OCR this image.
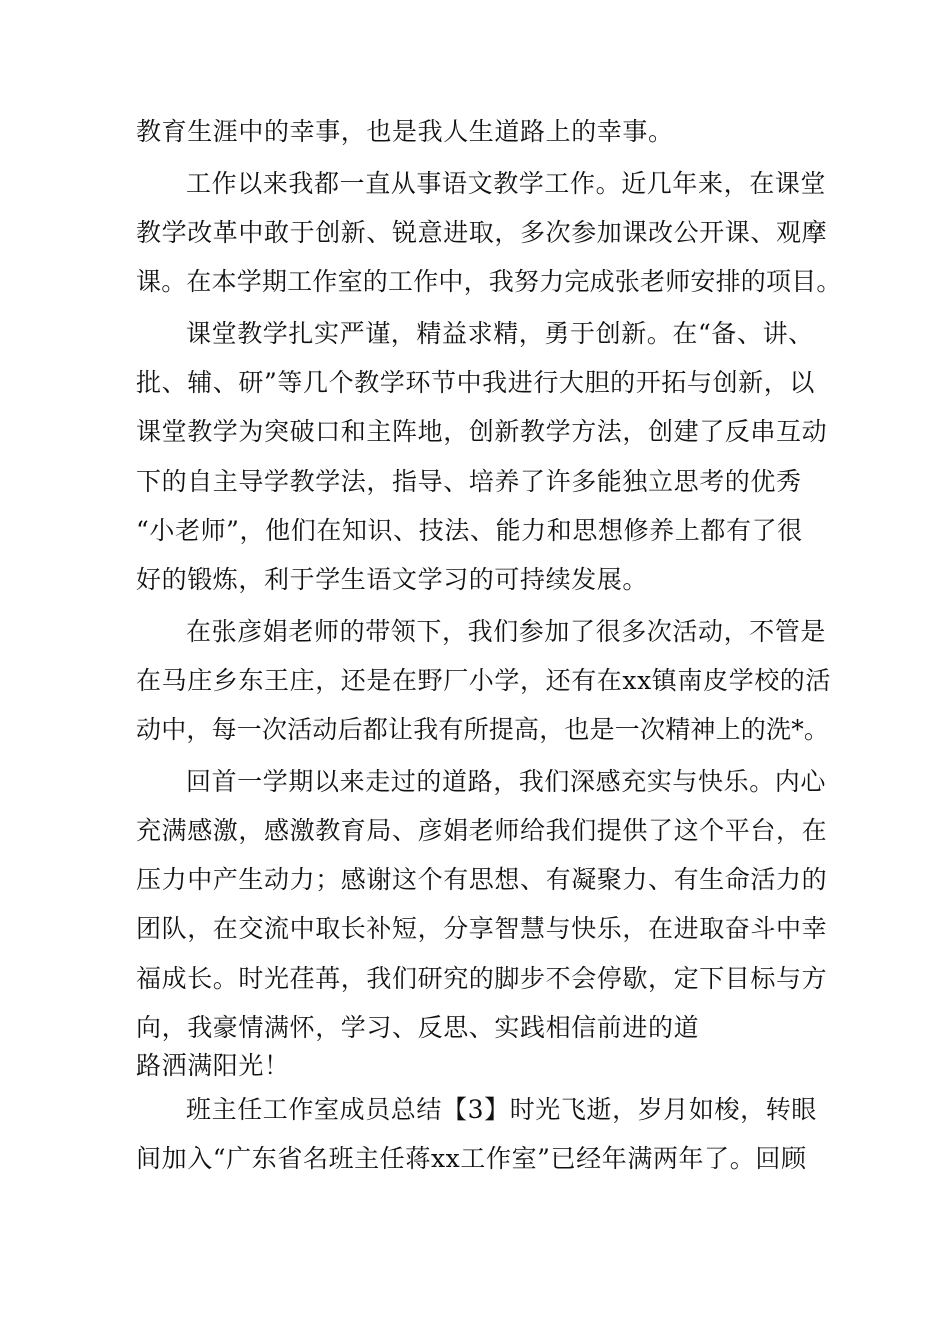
教育生涯中的幸事，也是我人生道路上的幸事。
工作以来我都一直从事语文教学工作。近几年来，在课堂
教学改革中敢于创新、锐意进取，多次参加课改公开课、观摩
课。在本学期工作室的工作中，我努力完成张老师安排的项目。
课堂教学扎实严谨，精益求精，勇于创新。在“备、讲、
批、辅、研”等几个教学环节中我进行大胆的开拓与创新，以
课堂教学为突破口和主阵地，创新教学方法，创建了反串互动
下的自主导学教学法，指导、培养了许多能独立思考的优秀
“小老师”，他们在知识、技法、能力和思想修养上都有了很
好的锻炼，利于学生语文学习的可持续发展。
在张彦娟老师的带领下，我们参加了很多次活动，不管是
在马庄乡东王庄，还是在野厂小学，还有在xx镇南皮学校的活
动中，每一次活动后都让我有所提高，也是一次精神上的洗*。
回首一学期以来走过的道路，我们深感充实与快乐。内心
充满感激，感激教育局、彦娟老师给我们提供了这个平台，在
压力中产生动力；感谢这个有思想、有凝聚力、有生命活力的
团队，在交流中取长补短，分享智慧与快乐，在进取奋斗中幸
福成长。时光荏苒，我们研究的脚步不会停歇，定下目标与方
向，我豪情满怀，学习、反思、实践相信前进的道
路洒满阳光！
班主任工作室成员总结【3】时光飞逝，岁月如梭，转眼
间加入“广东省名班主任蒋xx工作室”已经年满两年了。回顾
